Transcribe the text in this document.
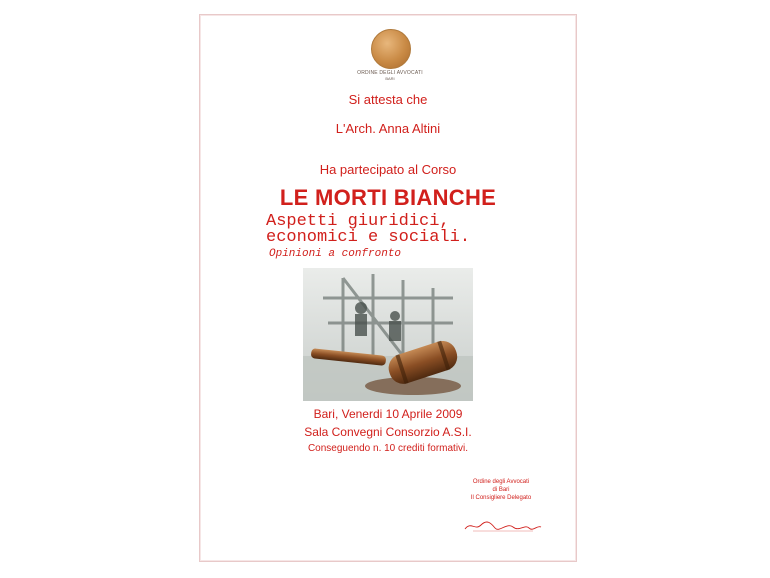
ORDINE DEGLI AVVOCATI
BARI
Si attesta che
L'Arch. Anna Altini
Ha partecipato al Corso
LE MORTI BIANCHE
Aspetti giuridici,
economici e sociali.
Opinioni a confronto
Bari, Venerdi 10 Aprile 2009
Sala Convegni Consorzio A.S.I.
Conseguendo n. 10 crediti formativi.
Ordine degli Avvocati
di Bari
Il Consigliere Delegato
